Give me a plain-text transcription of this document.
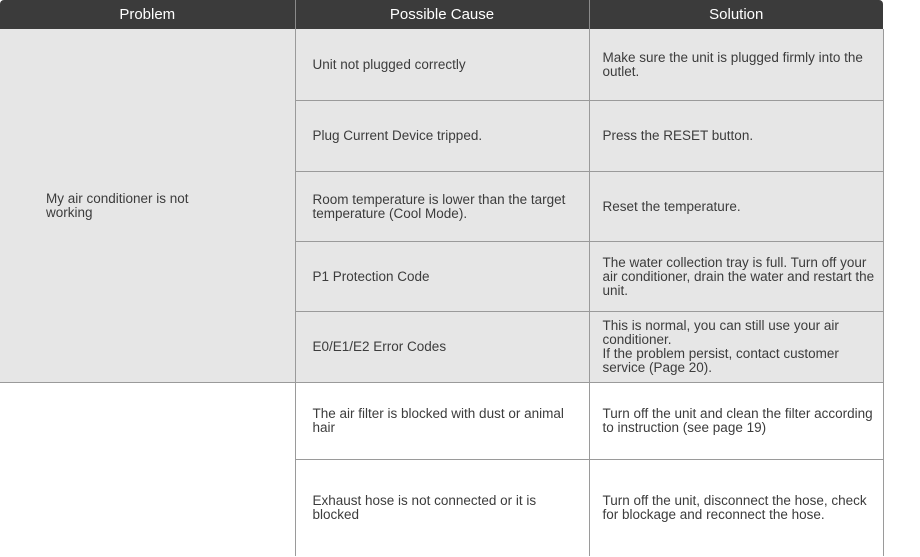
Problem	Possible Cause	Solution

My air conditioner is not working	Unit not plugged correctly	Make sure the unit is plugged firmly into the outlet.

	Plug Current Device tripped.	Press the RESET button.

	Room temperature is lower than the target temperature (Cool Mode).	Reset the temperature.

	P1 Protection Code	The water collection tray is full. Turn off your air conditioner, drain the water and restart the unit.

	E0/E1/E2 Error Codes	This is normal, you can still use your air conditioner.
If the problem persist, contact customer service (Page 20).

	The air filter is blocked with dust or animal hair	Turn off the unit and clean the filter according to instruction (see page 19)

	Exhaust hose is not connected or it is blocked	Turn off the unit, disconnect the hose, check for blockage and reconnect the hose.
